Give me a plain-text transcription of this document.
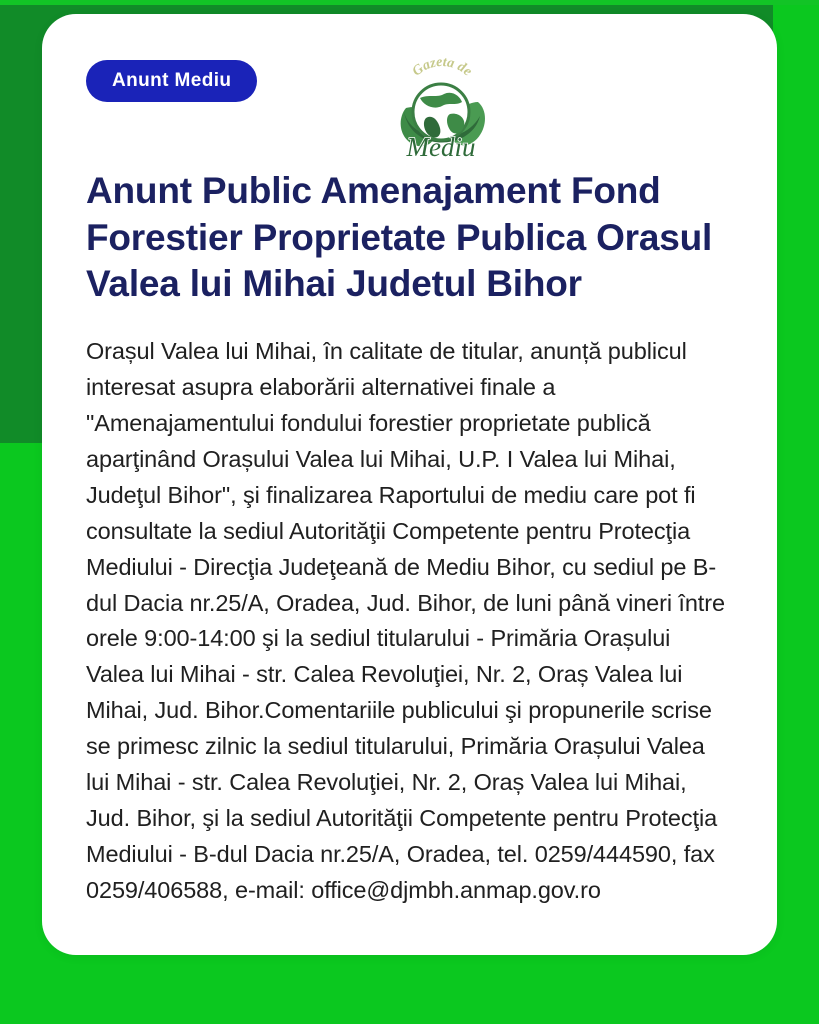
Anunt Mediu	Gazeta de
Mediu
Anunt Public Amenajament Fond Forestier Proprietate Publica Orasul Valea lui Mihai Judetul Bihor

Orașul Valea lui Mihai, în calitate de titular, anunță publicul interesat asupra elaborării alternativei finale a "Amenajamentului fondului forestier proprietate publică aparţinând Orașului Valea lui Mihai, U.P. I Valea lui Mihai, Judeţul Bihor", şi finalizarea Raportului de mediu care pot fi consultate la sediul Autorităţii Competente pentru Protecţia Mediului - Direcţia Judeţeană de Mediu Bihor, cu sediul pe B-dul Dacia nr.25/A, Oradea, Jud. Bihor, de luni până vineri între orele 9:00-14:00 şi la sediul titularului - Primăria Orașului Valea lui Mihai - str. Calea Revoluţiei, Nr. 2, Oraș Valea lui Mihai, Jud. Bihor.Comentariile publicului şi propunerile scrise se primesc zilnic la sediul titularului, Primăria Orașului Valea lui Mihai - str. Calea Revoluţiei, Nr. 2, Oraș Valea lui Mihai, Jud. Bihor, şi la sediul Autorităţii Competente pentru Protecţia Mediului - B-dul Dacia nr.25/A, Oradea, tel. 0259/444590, fax 0259/406588, e-mail: office@djmbh.anmap.gov.ro
